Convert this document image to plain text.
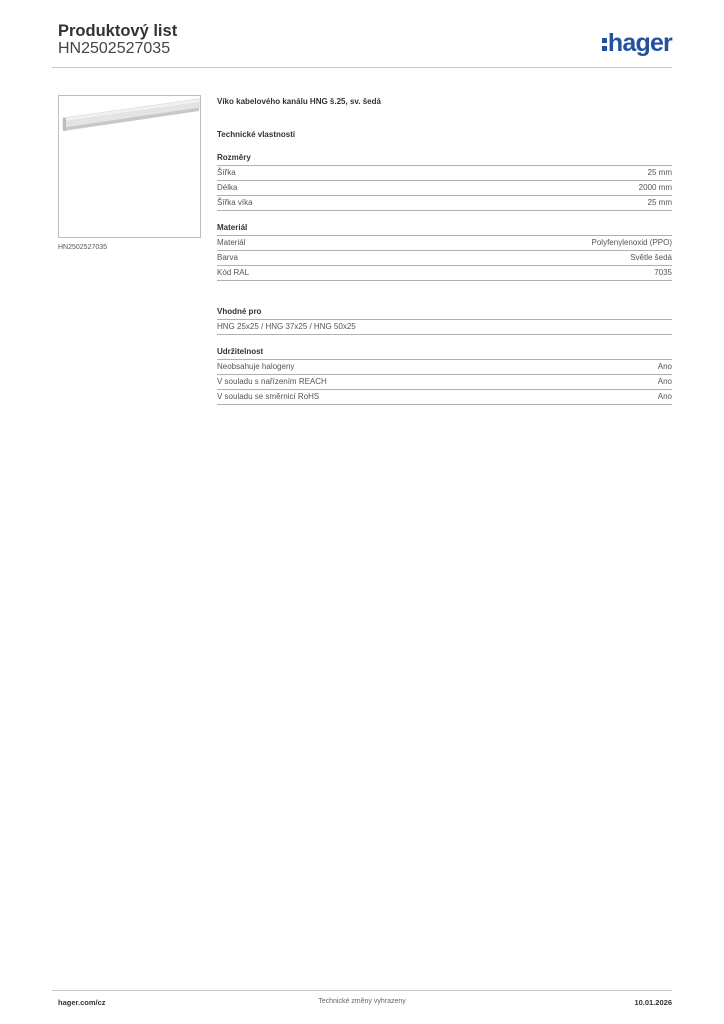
Produktový list
HN2502527035	hager
HN2502527035
Víko kabelového kanálu HNG š.25, sv. šedá
Technické vlastnosti
Rozměry
Šířka	25 mm
Délka	2000 mm
Šířka víka	25 mm
Materiál
Materiál	Polyfenylenoxid (PPO)
Barva	Světle šedá
Kód RAL	7035
Vhodné pro
HNG 25x25 / HNG 37x25 / HNG 50x25
Udržitelnost
Neobsahuje halogeny	Ano
V souladu s nařízením REACH	Ano
V souladu se směrnicí RoHS	Ano
hager.com/cz	Technické změny vyhrazeny	10.01.2026
